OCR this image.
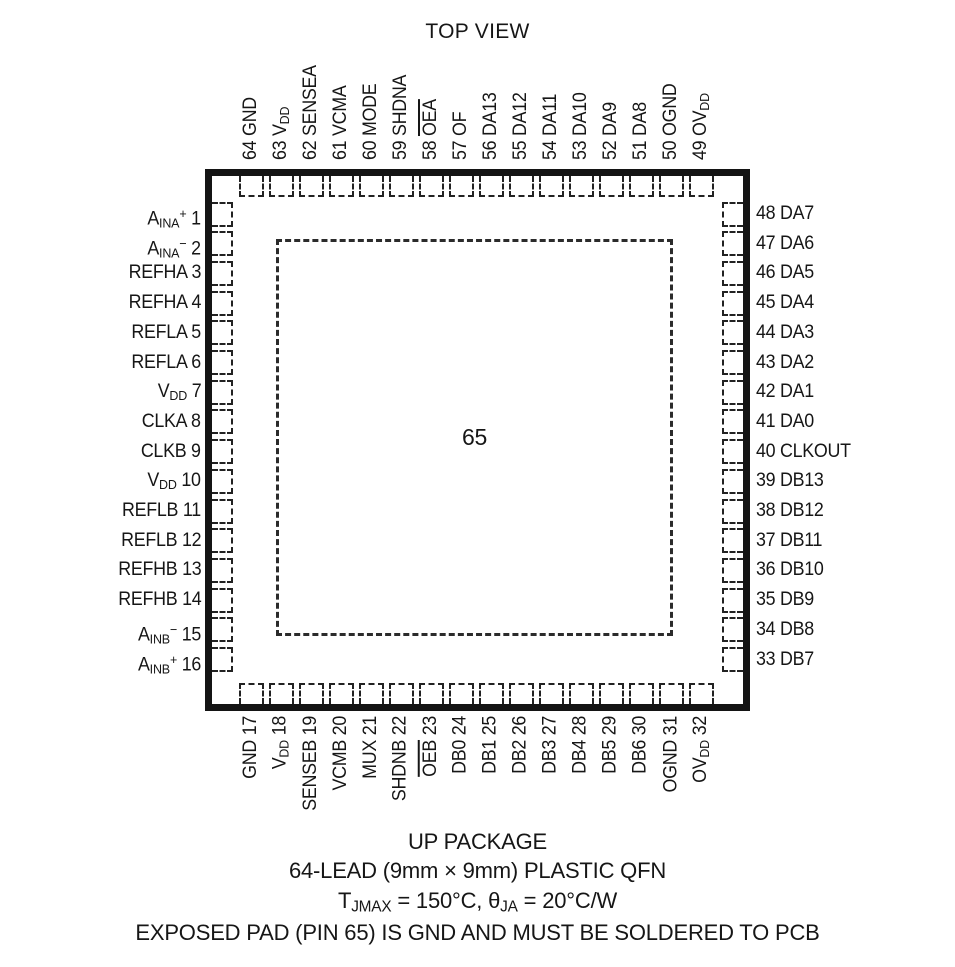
TOP VIEW
65
64 GND 63 VDD 62 SENSEA 61 VCMA 60 MODE 59 SHDNA 58 $\overline{OEA}$ 57 OF 56 DA13 55 DA12 54 DA11 53 DA10 52 DA9 51 DA8 50 OGND 49 OVDD
GND 17 VDD 18 SENSEB 19 VCMB 20 MUX 21 SHDNB 22 $\overline{OEB}$ 23 DB0 24 DB1 25 DB2 26 DB3 27 DB4 28 DB5 29 DB6 30 OGND 31 OVDD 32
AINA+ 1
AINA− 2
REFHA 3
REFHA 4
REFLA 5
REFLA 6
VDD 7
CLKA 8
CLKB 9
VDD 10
REFLB 11
REFLB 12
REFHB 13
REFHB 14
AINB− 15
AINB+ 16
48 DA7
47 DA6
46 DA5
45 DA4
44 DA3
43 DA2
42 DA1
41 DA0
40 CLKOUT
39 DB13
38 DB12
37 DB11
36 DB10
35 DB9
34 DB8
33 DB7
UP PACKAGE
64-LEAD (9mm × 9mm) PLASTIC QFN
TJMAX = 150°C, θJA = 20°C/W
EXPOSED PAD (PIN 65) IS GND AND MUST BE SOLDERED TO PCB
